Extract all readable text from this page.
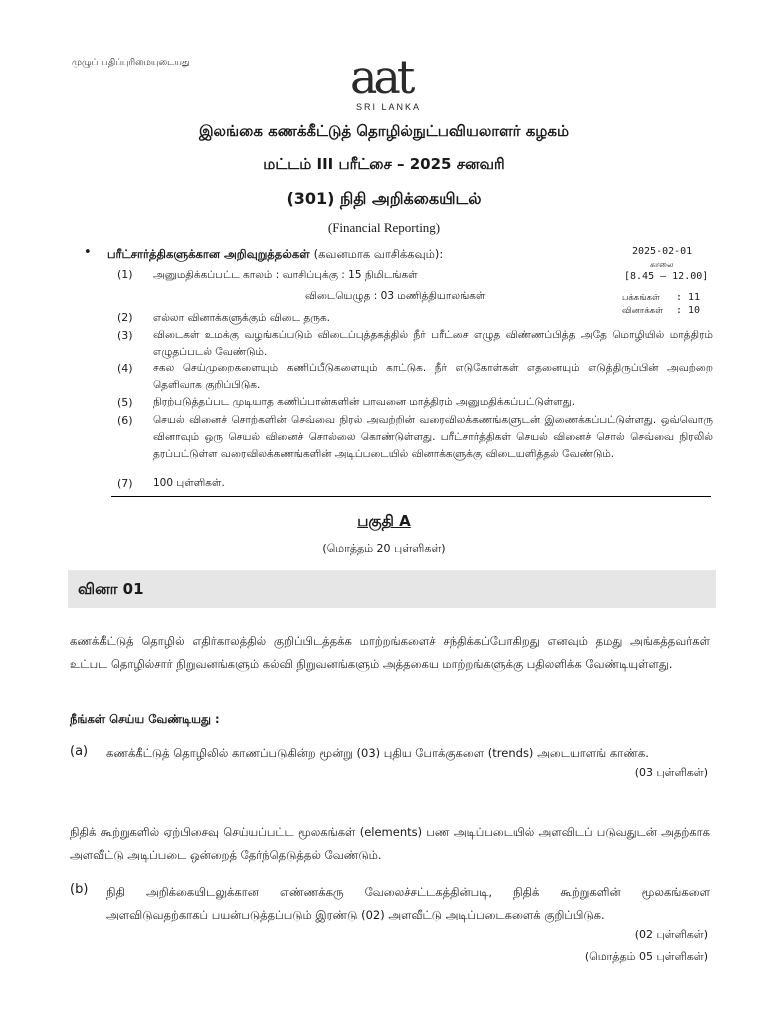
முழுப் பதிப்புரிமையுடையது	aat
SRI LANKA
இலங்கை கணக்கீட்டுத் தொழில்நுட்பவியலாளர் கழகம்
மட்டம் III பரீட்சை – 2025 சனவரி
(301) நிதி அறிக்கையிடல்
(Financial Reporting)
2025-02-01
காலை
[8.45 – 12.00]
பக்கங்கள் : 11
வினாக்கள் : 10
• பரீட்சார்த்திகளுக்கான அறிவுறுத்தல்கள் (கவனமாக வாசிக்கவும்):
(1) அனுமதிக்கப்பட்ட காலம் : வாசிப்புக்கு : 15 நிமிடங்கள்
விடையெழுத : 03 மணித்தியாலங்கள்
(2) எல்லா வினாக்களுக்கும் விடை தருக.
(3) விடைகள் உமக்கு வழங்கப்படும் விடைப்புத்தகத்தில் நீர் பரீட்சை எழுத விண்ணப்பித்த அதே மொழியில் மாத்திரம் எழுதப்படல் வேண்டும்.
(4) சகல செய்முறைகளையும் கணிப்பீடுகளையும் காட்டுக. நீர் எடுகோள்கள் எதனையும் எடுத்திருப்பின் அவற்றை தெளிவாக குறிப்பிடுக.
(5) நிரற்படுத்தப்பட முடியாத கணிப்பான்களின் பாவனை மாத்திரம் அனுமதிக்கப்பட்டுள்ளது.
(6) செயல் வினைச் சொற்களின் செவ்வை நிரல் அவற்றின் வரைவிலக்கணங்களுடன் இணைக்கப்பட்டுள்ளது. ஒவ்வொரு வினாவும் ஒரு செயல் வினைச் சொல்லை கொண்டுள்ளது. பரீட்சார்த்திகள் செயல் வினைச் சொல் செவ்வை நிரலில் தரப்பட்டுள்ள வரைவிலக்கணங்களின் அடிப்படையில் வினாக்களுக்கு விடையளித்தல் வேண்டும்.
(7) 100 புள்ளிகள்.
பகுதி A
(மொத்தம் 20 புள்ளிகள்)
வினா 01
கணக்கீட்டுத் தொழில் எதிர்காலத்தில் குறிப்பிடத்தக்க மாற்றங்களைச் சந்திக்கப்போகிறது எனவும் தமது அங்கத்தவர்கள் உட்பட தொழில்சார் நிறுவனங்களும் கல்வி நிறுவனங்களும் அத்தகைய மாற்றங்களுக்கு பதிலளிக்க வேண்டியுள்ளது.
நீங்கள் செய்ய வேண்டியது :
(a) கணக்கீட்டுத் தொழிலில் காணப்படுகின்ற மூன்று (03) புதிய போக்குகளை (trends) அடையாளங் காண்க.
(03 புள்ளிகள்)
நிதிக் கூற்றுகளில் ஏற்பிசைவு செய்யப்பட்ட மூலகங்கள் (elements) பண அடிப்படையில் அளவிடப் படுவதுடன் அதற்காக அளவீட்டு அடிப்படை ஒன்றைத் தேர்ந்தெடுத்தல் வேண்டும்.
(b) நிதி அறிக்கையிடலுக்கான எண்ணக்கரு வேலைச்சட்டகத்தின்படி, நிதிக் கூற்றுகளின் மூலகங்களை அளவிடுவதற்காகப் பயன்படுத்தப்படும் இரண்டு (02) அளவீட்டு அடிப்படைகளைக் குறிப்பிடுக.
(02 புள்ளிகள்)
(மொத்தம் 05 புள்ளிகள்)
